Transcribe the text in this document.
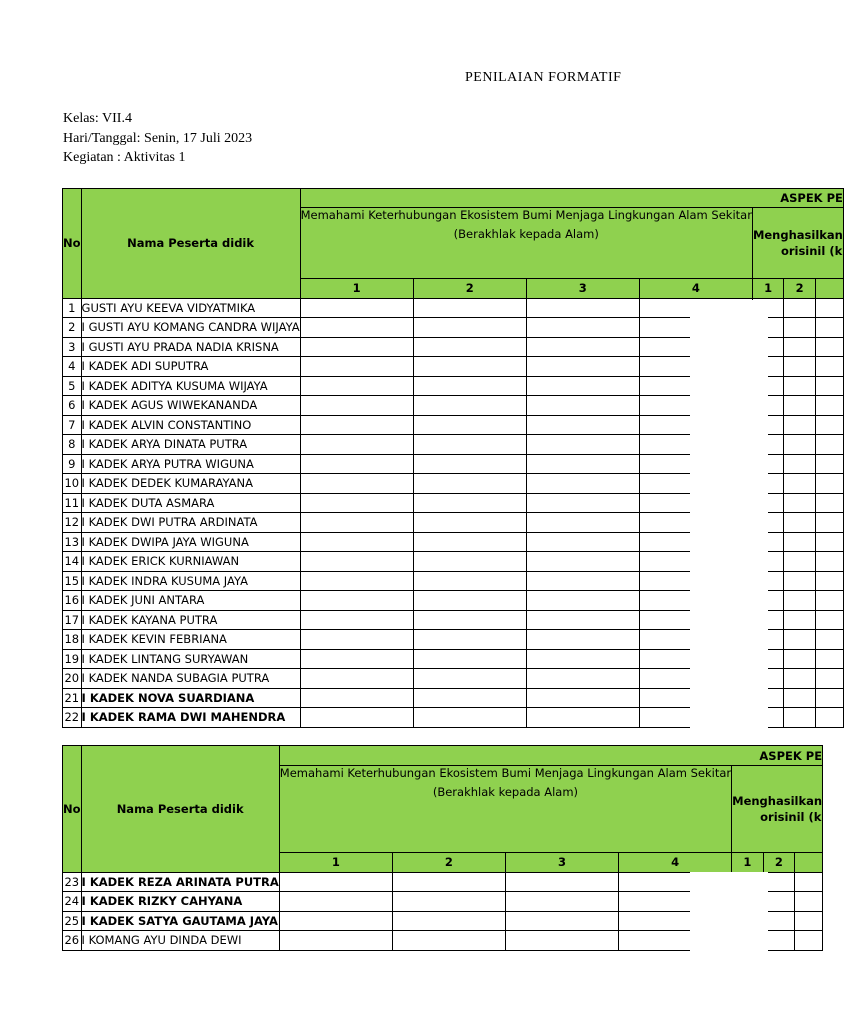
PENILAIAN FORMATIF
Kelas: VII.4
Hari/Tanggal: Senin, 17 Juli 2023
Kegiatan : Aktivitas 1
No	Nama Peserta didik	ASPEK PE						
		Memahami Keterhubungan Ekosistem Bumi Menjaga Lingkungan Alam Sekitar
(Berakhlak kepada Alam)				Menghasilkan
orisinil (k		

		1	2	3	4	1	2	
1	GUSTI AYU KEEVA VIDYATMIKA							
2	I GUSTI AYU KOMANG CANDRA WIJAYA							
3	I GUSTI AYU PRADA NADIA KRISNA							
4	I KADEK ADI SUPUTRA							
5	I KADEK ADITYA KUSUMA WIJAYA							
6	I KADEK AGUS WIWEKANANDA							
7	I KADEK ALVIN CONSTANTINO							
8	I KADEK ARYA DINATA PUTRA							
9	I KADEK ARYA PUTRA WIGUNA							
10	I KADEK DEDEK KUMARAYANA							
11	I KADEK DUTA ASMARA							
12	I KADEK DWI PUTRA ARDINATA							
13	I KADEK DWIPA JAYA WIGUNA							
14	I KADEK ERICK KURNIAWAN							
15	I KADEK INDRA KUSUMA JAYA							
16	I KADEK JUNI ANTARA							
17	I KADEK KAYANA PUTRA							
18	I KADEK KEVIN FEBRIANA							
19	I KADEK LINTANG SURYAWAN							
20	I KADEK NANDA SUBAGIA PUTRA							
21	I KADEK NOVA SUARDIANA							
22	I KADEK RAMA DWI MAHENDRA							
No	Nama Peserta didik	ASPEK PE						
		Memahami Keterhubungan Ekosistem Bumi Menjaga Lingkungan Alam Sekitar
(Berakhlak kepada Alam)				Menghasilkan
orisinil (k		

		1	2	3	4	1	2	
23	I KADEK REZA ARINATA PUTRA							
24	I KADEK RIZKY CAHYANA							
25	I KADEK SATYA GAUTAMA JAYA							
26	I KOMANG AYU DINDA DEWI							
